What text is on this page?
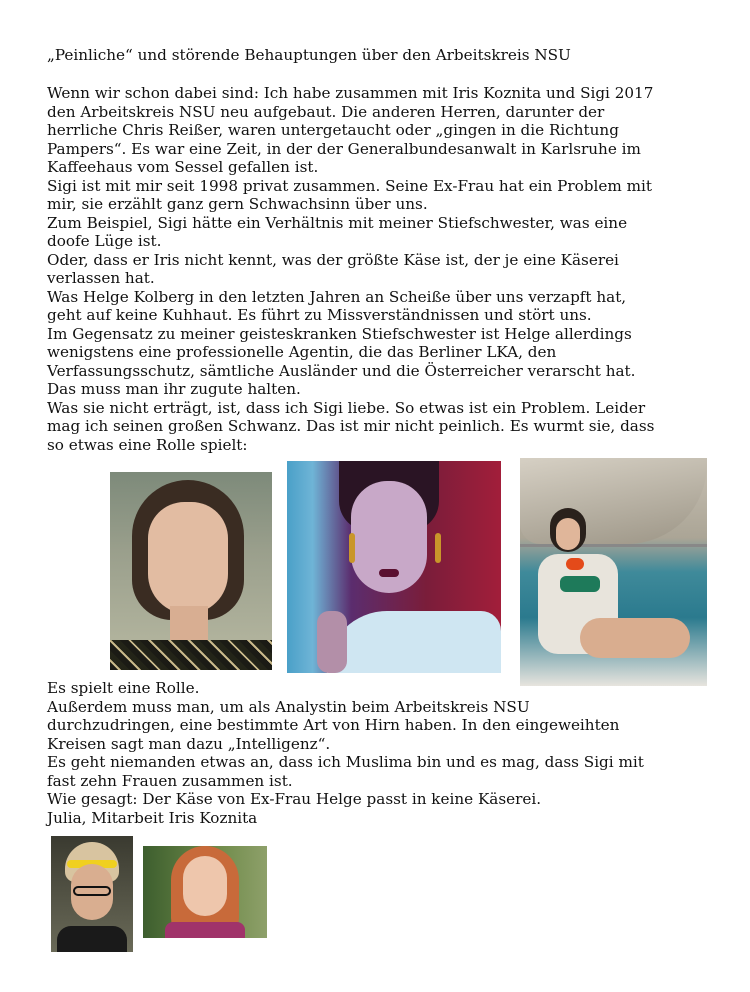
„Peinliche“ und störende Behauptungen über den Arbeitskreis NSU

Wenn wir schon dabei sind: Ich habe zusammen mit Iris Koznita und Sigi 2017

den Arbeitskreis NSU neu aufgebaut. Die anderen Herren, darunter der

herrliche Chris Reißer, waren untergetaucht oder „gingen in die Richtung

Pampers“. Es war eine Zeit, in der der Generalbundesanwalt in Karlsruhe im

Kaffeehaus vom Sessel gefallen ist.

Sigi ist mit mir seit 1998 privat zusammen. Seine Ex-Frau hat ein Problem mit

mir, sie erzählt ganz gern Schwachsinn über uns.

Zum Beispiel, Sigi hätte ein Verhältnis mit meiner Stiefschwester, was eine

doofe Lüge ist.

Oder, dass er Iris nicht kennt, was der größte Käse ist, der je eine Käserei

verlassen hat.

Was Helge Kolberg in den letzten Jahren an Scheiße über uns verzapft hat,

geht auf keine Kuhhaut. Es führt zu Missverständnissen und stört uns.

Im Gegensatz zu meiner geisteskranken Stiefschwester ist Helge allerdings

wenigstens eine professionelle Agentin, die das Berliner LKA, den

Verfassungsschutz, sämtliche Ausländer und die Österreicher verarscht hat.

Das muss man ihr zugute halten.

Was sie nicht erträgt, ist, dass ich Sigi liebe. So etwas ist ein Problem. Leider

mag ich seinen großen Schwanz. Das ist mir nicht peinlich. Es wurmt sie, dass

so etwas eine Rolle spielt:

Es spielt eine Rolle.

Außerdem muss man, um als Analystin beim Arbeitskreis NSU

durchzudringen, eine bestimmte Art von Hirn haben. In den eingeweihten

Kreisen sagt man dazu „Intelligenz“.

Es geht niemanden etwas an, dass ich Muslima bin und es mag, dass Sigi mit

fast zehn Frauen zusammen ist.

Wie gesagt: Der Käse von Ex-Frau Helge passt in keine Käserei.

Julia, Mitarbeit Iris Koznita
